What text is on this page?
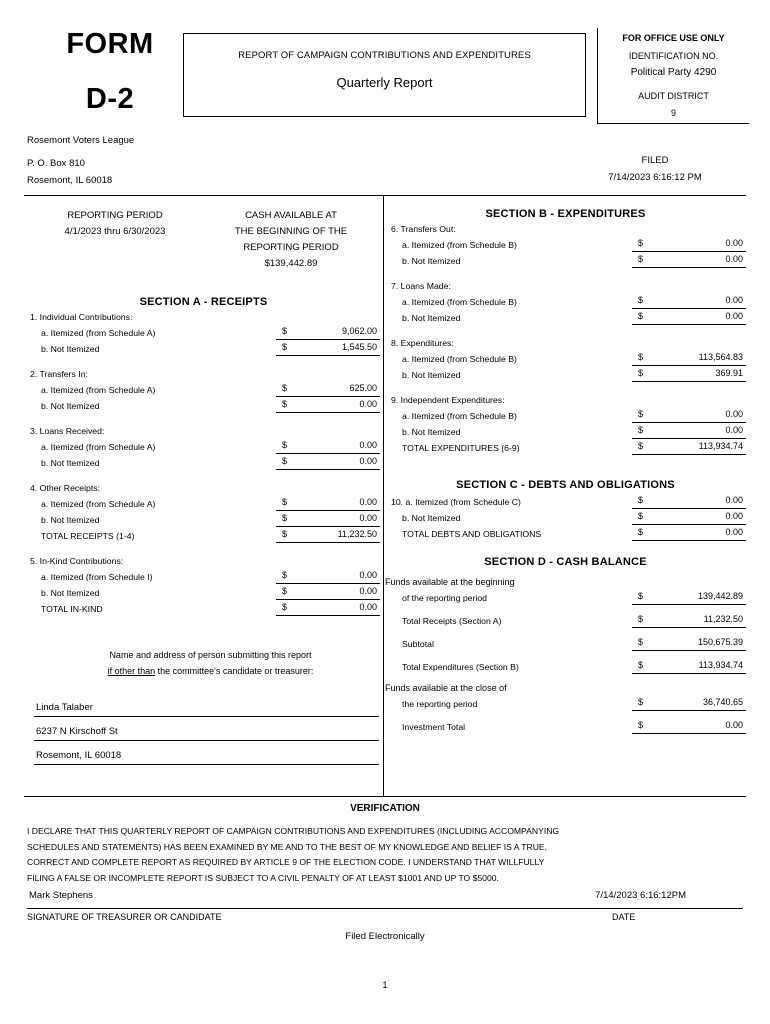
FORM
D-2
REPORT OF CAMPAIGN CONTRIBUTIONS AND EXPENDITURES
Quarterly Report
FOR OFFICE USE ONLY
IDENTIFICATION NO.
Political Party 4290
AUDIT DISTRICT
9
Rosemont Voters League
P. O. Box 810
Rosemont, IL 60018
FILED
7/14/2023 6:16:12 PM
REPORTING PERIOD
4/1/2023 thru 6/30/2023
CASH AVAILABLE AT
THE BEGINNING OF THE
REPORTING PERIOD
$139,442.89
SECTION A - RECEIPTS
1. Individual Contributions:
a. Itemized (from Schedule A)	$	9,062.00
b. Not Itemized	$	1,545.50
2. Transfers In:
a. Itemized (from Schedule A)	$	625.00
b. Not Itemized	$	0.00
3. Loans Received:
a. Itemized (from Schedule A)	$	0.00
b. Not Itemized	$	0.00
4. Other Receipts:
a. Itemized (from Schedule A)	$	0.00
b. Not Itemized	$	0.00
TOTAL RECEIPTS (1-4)	$	11,232.50
5. In-Kind Contributions:
a. Itemized (from Schedule I)	$	0.00
b. Not Itemized	$	0.00
TOTAL IN-KIND	$	0.00
Name and address of person submitting this report
if other than the committee's candidate or treasurer:
Linda Talaber
6237 N Kirschoff St
Rosemont, IL 60018
SECTION B - EXPENDITURES
6. Transfers Out:
a. Itemized (from Schedule B)	$	0.00
b. Not Itemized	$	0.00
7. Loans Made:
a. Itemized (from Schedule B)	$	0.00
b. Not Itemized	$	0.00
8. Expenditures:
a. Itemized (from Schedule B)	$	113,564.83
b. Not Itemized	$	369.91
9. Independent Expenditures:
a. Itemized (from Schedule B)	$	0.00
b. Not Itemized	$	0.00
TOTAL EXPENDITURES (6-9)	$	113,934.74
SECTION C - DEBTS AND OBLIGATIONS
10. a. Itemized (from Schedule C)	$	0.00
b. Not Itemized	$	0.00
TOTAL DEBTS AND OBLIGATIONS	$	0.00
SECTION D - CASH BALANCE
Funds available at the beginning
of the reporting period	$	139,442.89
Total Receipts (Section A)	$	11,232.50
Subtotal	$	150,675.39
Total Expenditures (Section B)	$	113,934.74
Funds available at the close of
the reporting period	$	36,740.65
Investment Total	$	0.00
VERIFICATION
I DECLARE THAT THIS QUARTERLY REPORT OF CAMPAIGN CONTRIBUTIONS AND EXPENDITURES (INCLUDING ACCOMPANYING
SCHEDULES AND STATEMENTS) HAS BEEN EXAMINED BY ME AND TO THE BEST OF MY KNOWLEDGE AND BELIEF IS A TRUE,
CORRECT AND COMPLETE REPORT AS REQUIRED BY ARTICLE 9 OF THE ELECTION CODE. I UNDERSTAND THAT WILLFULLY
FILING A FALSE OR INCOMPLETE REPORT IS SUBJECT TO A CIVIL PENALTY OF AT LEAST $1001 AND UP TO $5000.
Mark Stephens	7/14/2023 6:16:12PM
SIGNATURE OF TREASURER OR CANDIDATE	DATE
Filed Electronically
1
